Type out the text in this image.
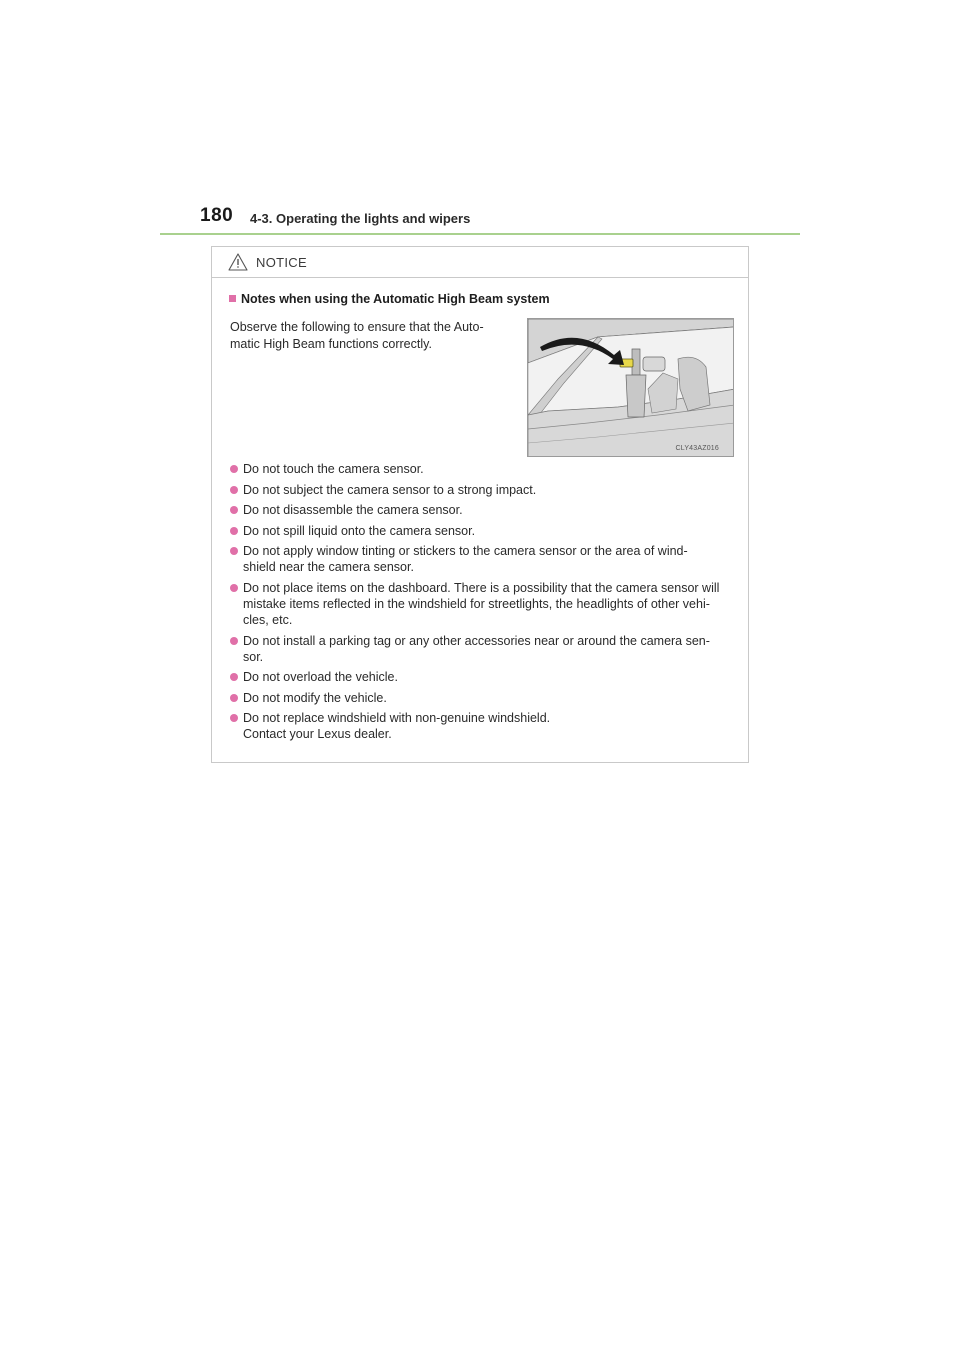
180 4-3. Operating the lights and wipers
NOTICE
Notes when using the Automatic High Beam system
Observe the following to ensure that the Auto-
matic High Beam functions correctly.
CLY43AZ016
Do not touch the camera sensor.
Do not subject the camera sensor to a strong impact.
Do not disassemble the camera sensor.
Do not spill liquid onto the camera sensor.
Do not apply window tinting or stickers to the camera sensor or the area of wind-
shield near the camera sensor.
Do not place items on the dashboard. There is a possibility that the camera sensor will
mistake items reflected in the windshield for streetlights, the headlights of other vehi-
cles, etc.
Do not install a parking tag or any other accessories near or around the camera sen-
sor.
Do not overload the vehicle.
Do not modify the vehicle.
Do not replace windshield with non-genuine windshield.
Contact your Lexus dealer.
